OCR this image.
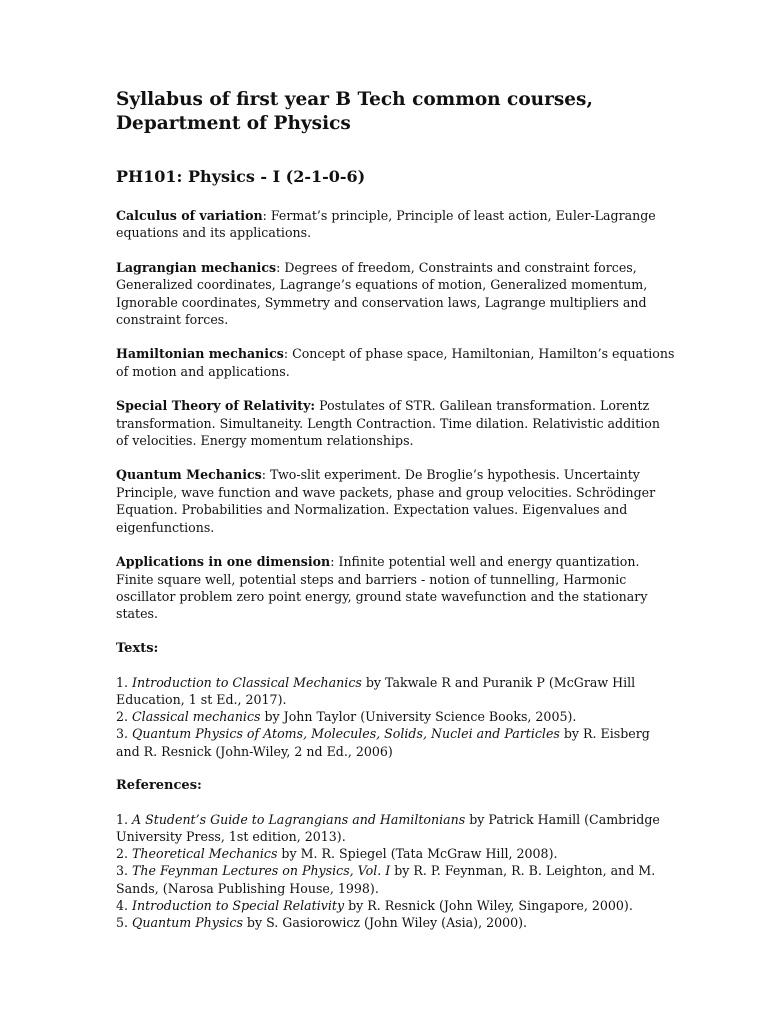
Syllabus of first year B Tech common courses,
Department of Physics
PH101: Physics - I (2-1-0-6)

Calculus of variation: Fermat’s principle, Principle of least action, Euler-Lagrange equations and its applications.

Lagrangian mechanics: Degrees of freedom, Constraints and constraint forces, Generalized coordinates, Lagrange’s equations of motion, Generalized momentum, Ignorable coordinates, Symmetry and conservation laws, Lagrange multipliers and constraint forces.

Hamiltonian mechanics: Concept of phase space, Hamiltonian, Hamilton’s equations of motion and applications.

Special Theory of Relativity: Postulates of STR. Galilean transformation. Lorentz transformation. Simultaneity. Length Contraction. Time dilation. Relativistic addition of velocities. Energy momentum relationships.

Quantum Mechanics: Two-slit experiment. De Broglie’s hypothesis. Uncertainty Principle, wave function and wave packets, phase and group velocities. Schrödinger Equation. Probabilities and Normalization. Expectation values. Eigenvalues and eigenfunctions.

Applications in one dimension: Infinite potential well and energy quantization. Finite square well, potential steps and barriers - notion of tunnelling, Harmonic oscillator problem zero point energy, ground state wavefunction and the stationary states.

Texts:

1. Introduction to Classical Mechanics by Takwale R and Puranik P (McGraw Hill Education, 1 st Ed., 2017).

2. Classical mechanics by John Taylor (University Science Books, 2005).

3. Quantum Physics of Atoms, Molecules, Solids, Nuclei and Particles by R. Eisberg and R. Resnick (John-Wiley, 2 nd Ed., 2006)

References:

1. A Student’s Guide to Lagrangians and Hamiltonians by Patrick Hamill (Cambridge University Press, 1st edition, 2013).

2. Theoretical Mechanics by M. R. Spiegel (Tata McGraw Hill, 2008).

3. The Feynman Lectures on Physics, Vol. I by R. P. Feynman, R. B. Leighton, and M. Sands, (Narosa Publishing House, 1998).

4. Introduction to Special Relativity by R. Resnick (John Wiley, Singapore, 2000).

5. Quantum Physics by S. Gasiorowicz (John Wiley (Asia), 2000).
